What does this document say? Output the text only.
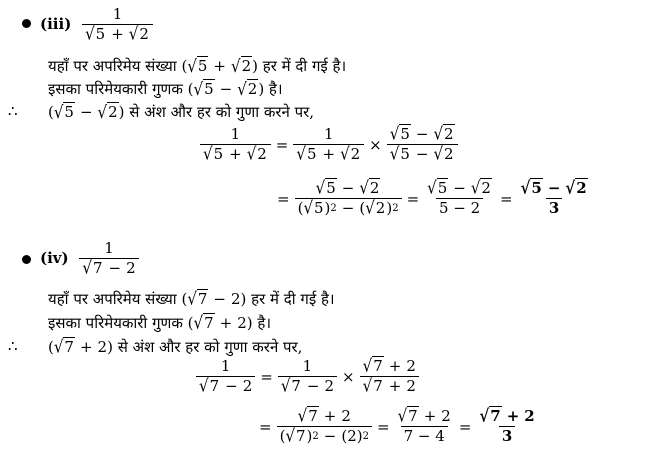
$(iii) \frac{1}{√5 + √2}$
यहाँ पर अपरिमेय संख्या (√5 + √2) हर में दी गई है।
इसका परिमेयकारी गुणक (√5 − √2) है।
∴ (√5 − √2) से अंश और हर को गुणा करने पर,
$\frac{1}{√5 + √2} = \frac{1}{√5 + √2} \times \frac{√5 - √2}{√5 - √2}$
= $\frac{√5 - √2}{( √5 ) 2 - ( √2 ) 2} = \frac{√5 - √2}{5 - 2} = \frac{√5 - √2}{3}$
$(iv) \frac{1}{√7 - 2}$
यहाँ पर अपरिमेय संख्या (√7 − 2) हर में दी गई है।
इसका परिमेयकारी गुणक (√7 + 2) है।
∴ (√7 + 2) से अंश और हर को गुणा करने पर,
$\frac{1}{√7 - 2} = \frac{1}{√7 - 2} \times \frac{√7 + 2}{√7 + 2}$
= $\frac{√7 + 2}{( √7 ) 2 - ( 2 ) 2} = \frac{√7 + 2}{7 - 4} = \frac{√7 + 2}{3}$
